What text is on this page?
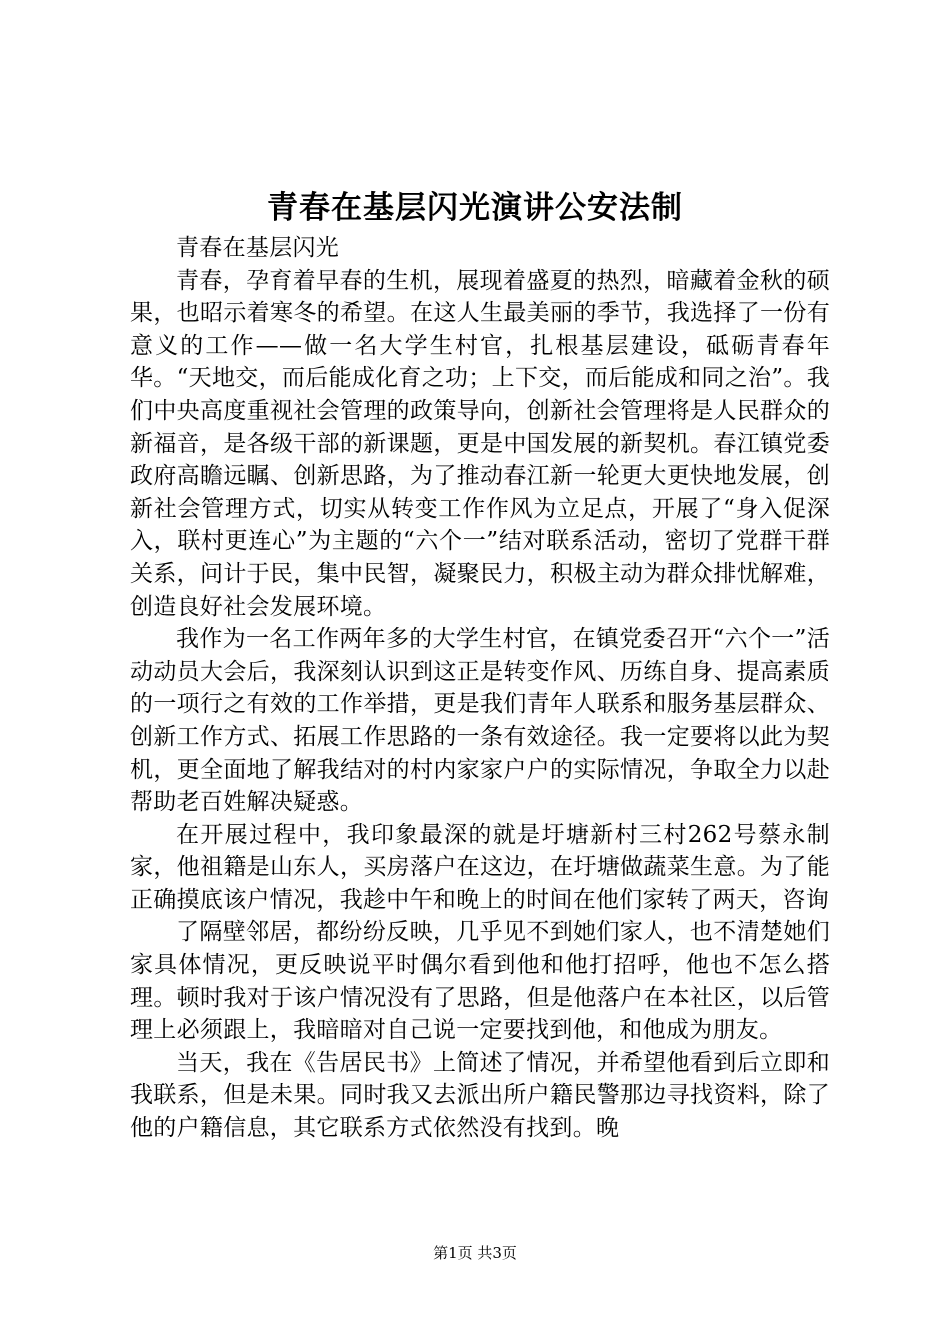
青春在基层闪光演讲公安法制

青春在基层闪光

青春，孕育着早春的生机，展现着盛夏的热烈，暗藏着金秋的硕果，也昭示着寒冬的希望。在这人生最美丽的季节，我选择了一份有意义的工作——做一名大学生村官，扎根基层建设，砥砺青春年华。“天地交，而后能成化育之功；上下交，而后能成和同之治”。我们中央高度重视社会管理的政策导向，创新社会管理将是人民群众的新福音，是各级干部的新课题，更是中国发展的新契机。春江镇党委政府高瞻远瞩、创新思路，为了推动春江新一轮更大更快地发展，创新社会管理方式，切实从转变工作作风为立足点，开展了“身入促深入，联村更连心”为主题的“六个一”结对联系活动，密切了党群干群关系，问计于民，集中民智，凝聚民力，积极主动为群众排忧解难，创造良好社会发展环境。

我作为一名工作两年多的大学生村官，在镇党委召开“六个一”活动动员大会后，我深刻认识到这正是转变作风、历练自身、提高素质的一项行之有效的工作举措，更是我们青年人联系和服务基层群众、创新工作方式、拓展工作思路的一条有效途径。我一定要将以此为契机，更全面地了解我结对的村内家家户户的实际情况，争取全力以赴帮助老百姓解决疑惑。

在开展过程中，我印象最深的就是圩塘新村三村262号蔡永制家，他祖籍是山东人，买房落户在这边，在圩塘做蔬菜生意。为了能正确摸底该户情况，我趁中午和晚上的时间在他们家转了两天，咨询

了隔壁邻居，都纷纷反映，几乎见不到她们家人，也不清楚她们家具体情况，更反映说平时偶尔看到他和他打招呼，他也不怎么搭理。顿时我对于该户情况没有了思路，但是他落户在本社区，以后管理上必须跟上，我暗暗对自己说一定要找到他，和他成为朋友。

当天，我在《告居民书》上简述了情况，并希望他看到后立即和我联系，但是未果。同时我又去派出所户籍民警那边寻找资料，除了他的户籍信息，其它联系方式依然没有找到。晚

第1页 共3页
